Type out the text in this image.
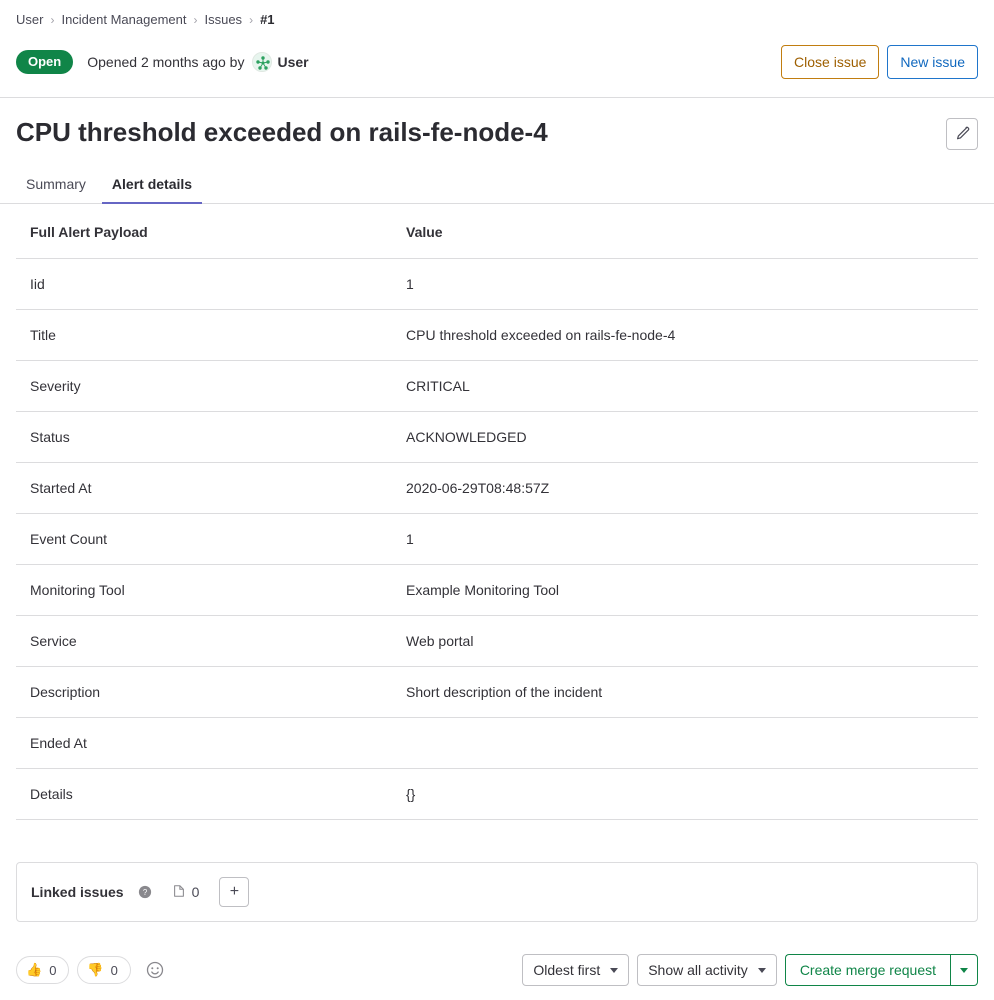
User › Incident Management › Issues › #1
Open	Opened 2 months ago by User	Close issue	New issue
CPU threshold exceeded on rails-fe-node-4
Summary	Alert details
Full Alert Payload	Value
Iid	1
Title	CPU threshold exceeded on rails-fe-node-4
Severity	CRITICAL
Status	ACKNOWLEDGED
Started At	2020-06-29T08:48:57Z
Event Count	1
Monitoring Tool	Example Monitoring Tool
Service	Web portal
Description	Short description of the incident
Ended At	
Details	{}
Linked issues ?	0	+
👍 0 👎 0	Oldest first	Show all activity	Create merge request
